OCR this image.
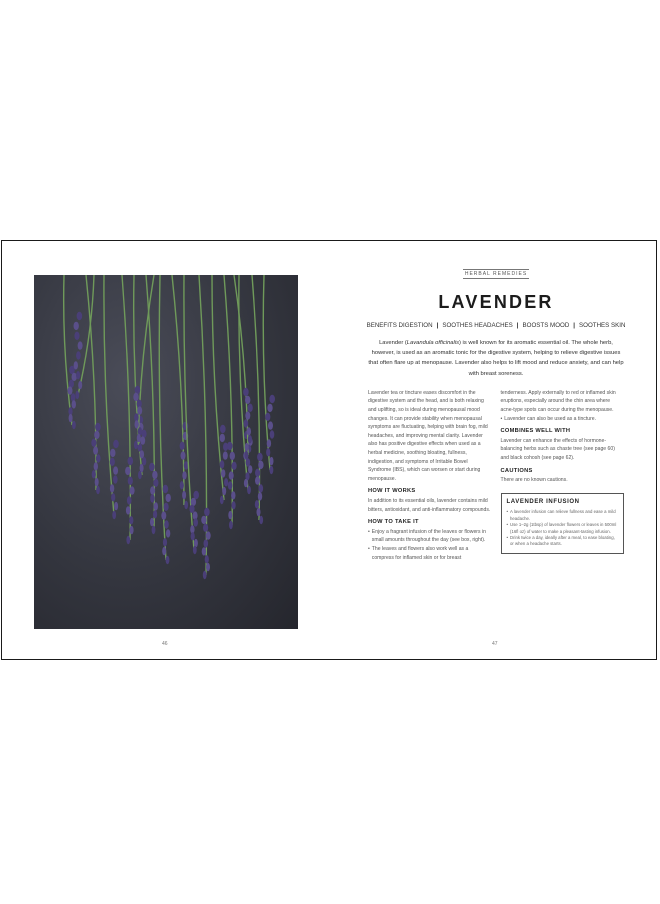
46
HERBAL REMEDIES
LAVENDER
BENEFITS DIGESTION | SOOTHES HEADACHES | BOOSTS MOOD | SOOTHES SKIN
Lavender (Lavandula officinalis) is well known for its aromatic essential oil. The whole herb, however, is used as an aromatic tonic for the digestive system, helping to relieve digestive issues that often flare up at menopause. Lavender also helps to lift mood and reduce anxiety, and can help with breast soreness.

Lavender tea or tincture eases discomfort in the digestive system and the head, and is both relaxing and uplifting, so is ideal during menopausal mood changes. It can provide stability when menopausal symptoms are fluctuating, helping with brain fog, mild headaches, and improving mental clarity. Lavender also has positive digestive effects when used as a herbal medicine, soothing bloating, fullness, indigestion, and symptoms of Irritable Bowel Syndrome (IBS), which can worsen or start during menopause.

HOW IT WORKS

In addition to its essential oils, lavender contains mild bitters, antioxidant, and anti-inflammatory compounds.

HOW TO TAKE IT
• Enjoy a fragrant infusion of the leaves or flowers in small amounts throughout the day (see box, right).
• The leaves and flowers also work well as a compress for inflamed skin or for breast

tenderness. Apply externally to red or inflamed skin eruptions, especially around the chin area where acne-type spots can occur during the menopause.

• Lavender can also be used as a tincture.
COMBINES WELL WITH

Lavender can enhance the effects of hormone-balancing herbs such as chaste tree (see page 60) and black cohosh (see page 62).

CAUTIONS

There are no known cautions.

LAVENDER INFUSION
• A lavender infusion can relieve fullness and ease a mild headache.
• Use 1–2g (1tbsp) of lavender flowers or leaves in 500ml (16fl oz) of water to make a pleasant-tasting infusion.
• Drink twice a day, ideally after a meal, to ease bloating, or when a headache starts.
47
